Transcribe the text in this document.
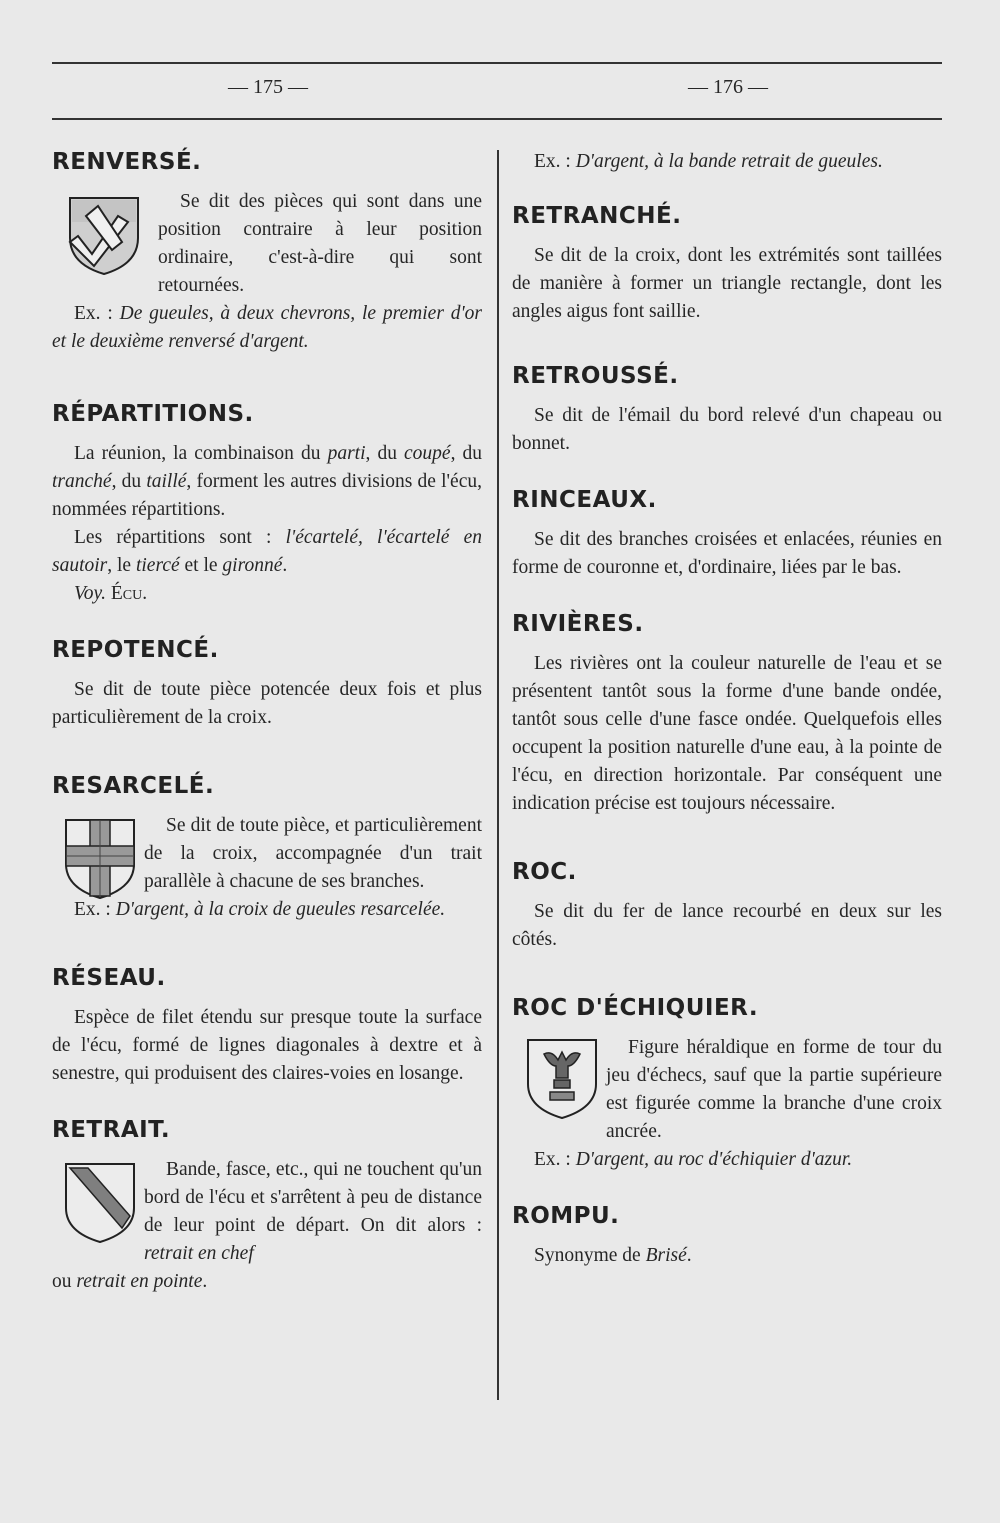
— 175 —	— 176 —
RENVERSÉ.

Se dit des pièces qui sont dans une position contraire à leur position ordinaire, c'est-à-dire qui sont retournées.

Ex. : De gueules, à deux chevrons, le premier d'or et le deuxième renversé d'argent.

RÉPARTITIONS.

La réunion, la combinaison du parti, du coupé, du tranché, du taillé, forment les autres divisions de l'écu, nommées répartitions.

Les répartitions sont : l'écartelé, l'écartelé en sautoir, le tiercé et le gironné.

Voy. Écu.

REPOTENCÉ.

Se dit de toute pièce potencée deux fois et plus particulièrement de la croix.

RESARCELÉ.

Se dit de toute pièce, et particulièrement de la croix, accompagnée d'un trait parallèle à chacune de ses branches.

Ex. : D'argent, à la croix de gueules resarcelée.

RÉSEAU.

Espèce de filet étendu sur presque toute la surface de l'écu, formé de lignes diagonales à dextre et à senestre, qui produisent des claires-voies en losange.

RETRAIT.

Bande, fasce, etc., qui ne touchent qu'un bord de l'écu et s'arrêtent à peu de distance de leur point de départ. On dit alors : retrait en chef

ou retrait en pointe.

Ex. : D'argent, à la bande retrait de gueules.

RETRANCHÉ.

Se dit de la croix, dont les extrémités sont taillées de manière à former un triangle rectangle, dont les angles aigus font saillie.

RETROUSSÉ.

Se dit de l'émail du bord relevé d'un chapeau ou bonnet.

RINCEAUX.

Se dit des branches croisées et enlacées, réunies en forme de couronne et, d'ordinaire, liées par le bas.

RIVIÈRES.

Les rivières ont la couleur naturelle de l'eau et se présentent tantôt sous la forme d'une bande ondée, tantôt sous celle d'une fasce ondée. Quelquefois elles occupent la position naturelle d'une eau, à la pointe de l'écu, en direction horizontale. Par conséquent une indication précise est toujours nécessaire.

ROC.

Se dit du fer de lance recourbé en deux sur les côtés.

ROC D'ÉCHIQUIER.

Figure héraldique en forme de tour du jeu d'échecs, sauf que la partie supérieure est figurée comme la branche d'une croix ancrée.

Ex. : D'argent, au roc d'échiquier d'azur.

ROMPU.

Synonyme de Brisé.
